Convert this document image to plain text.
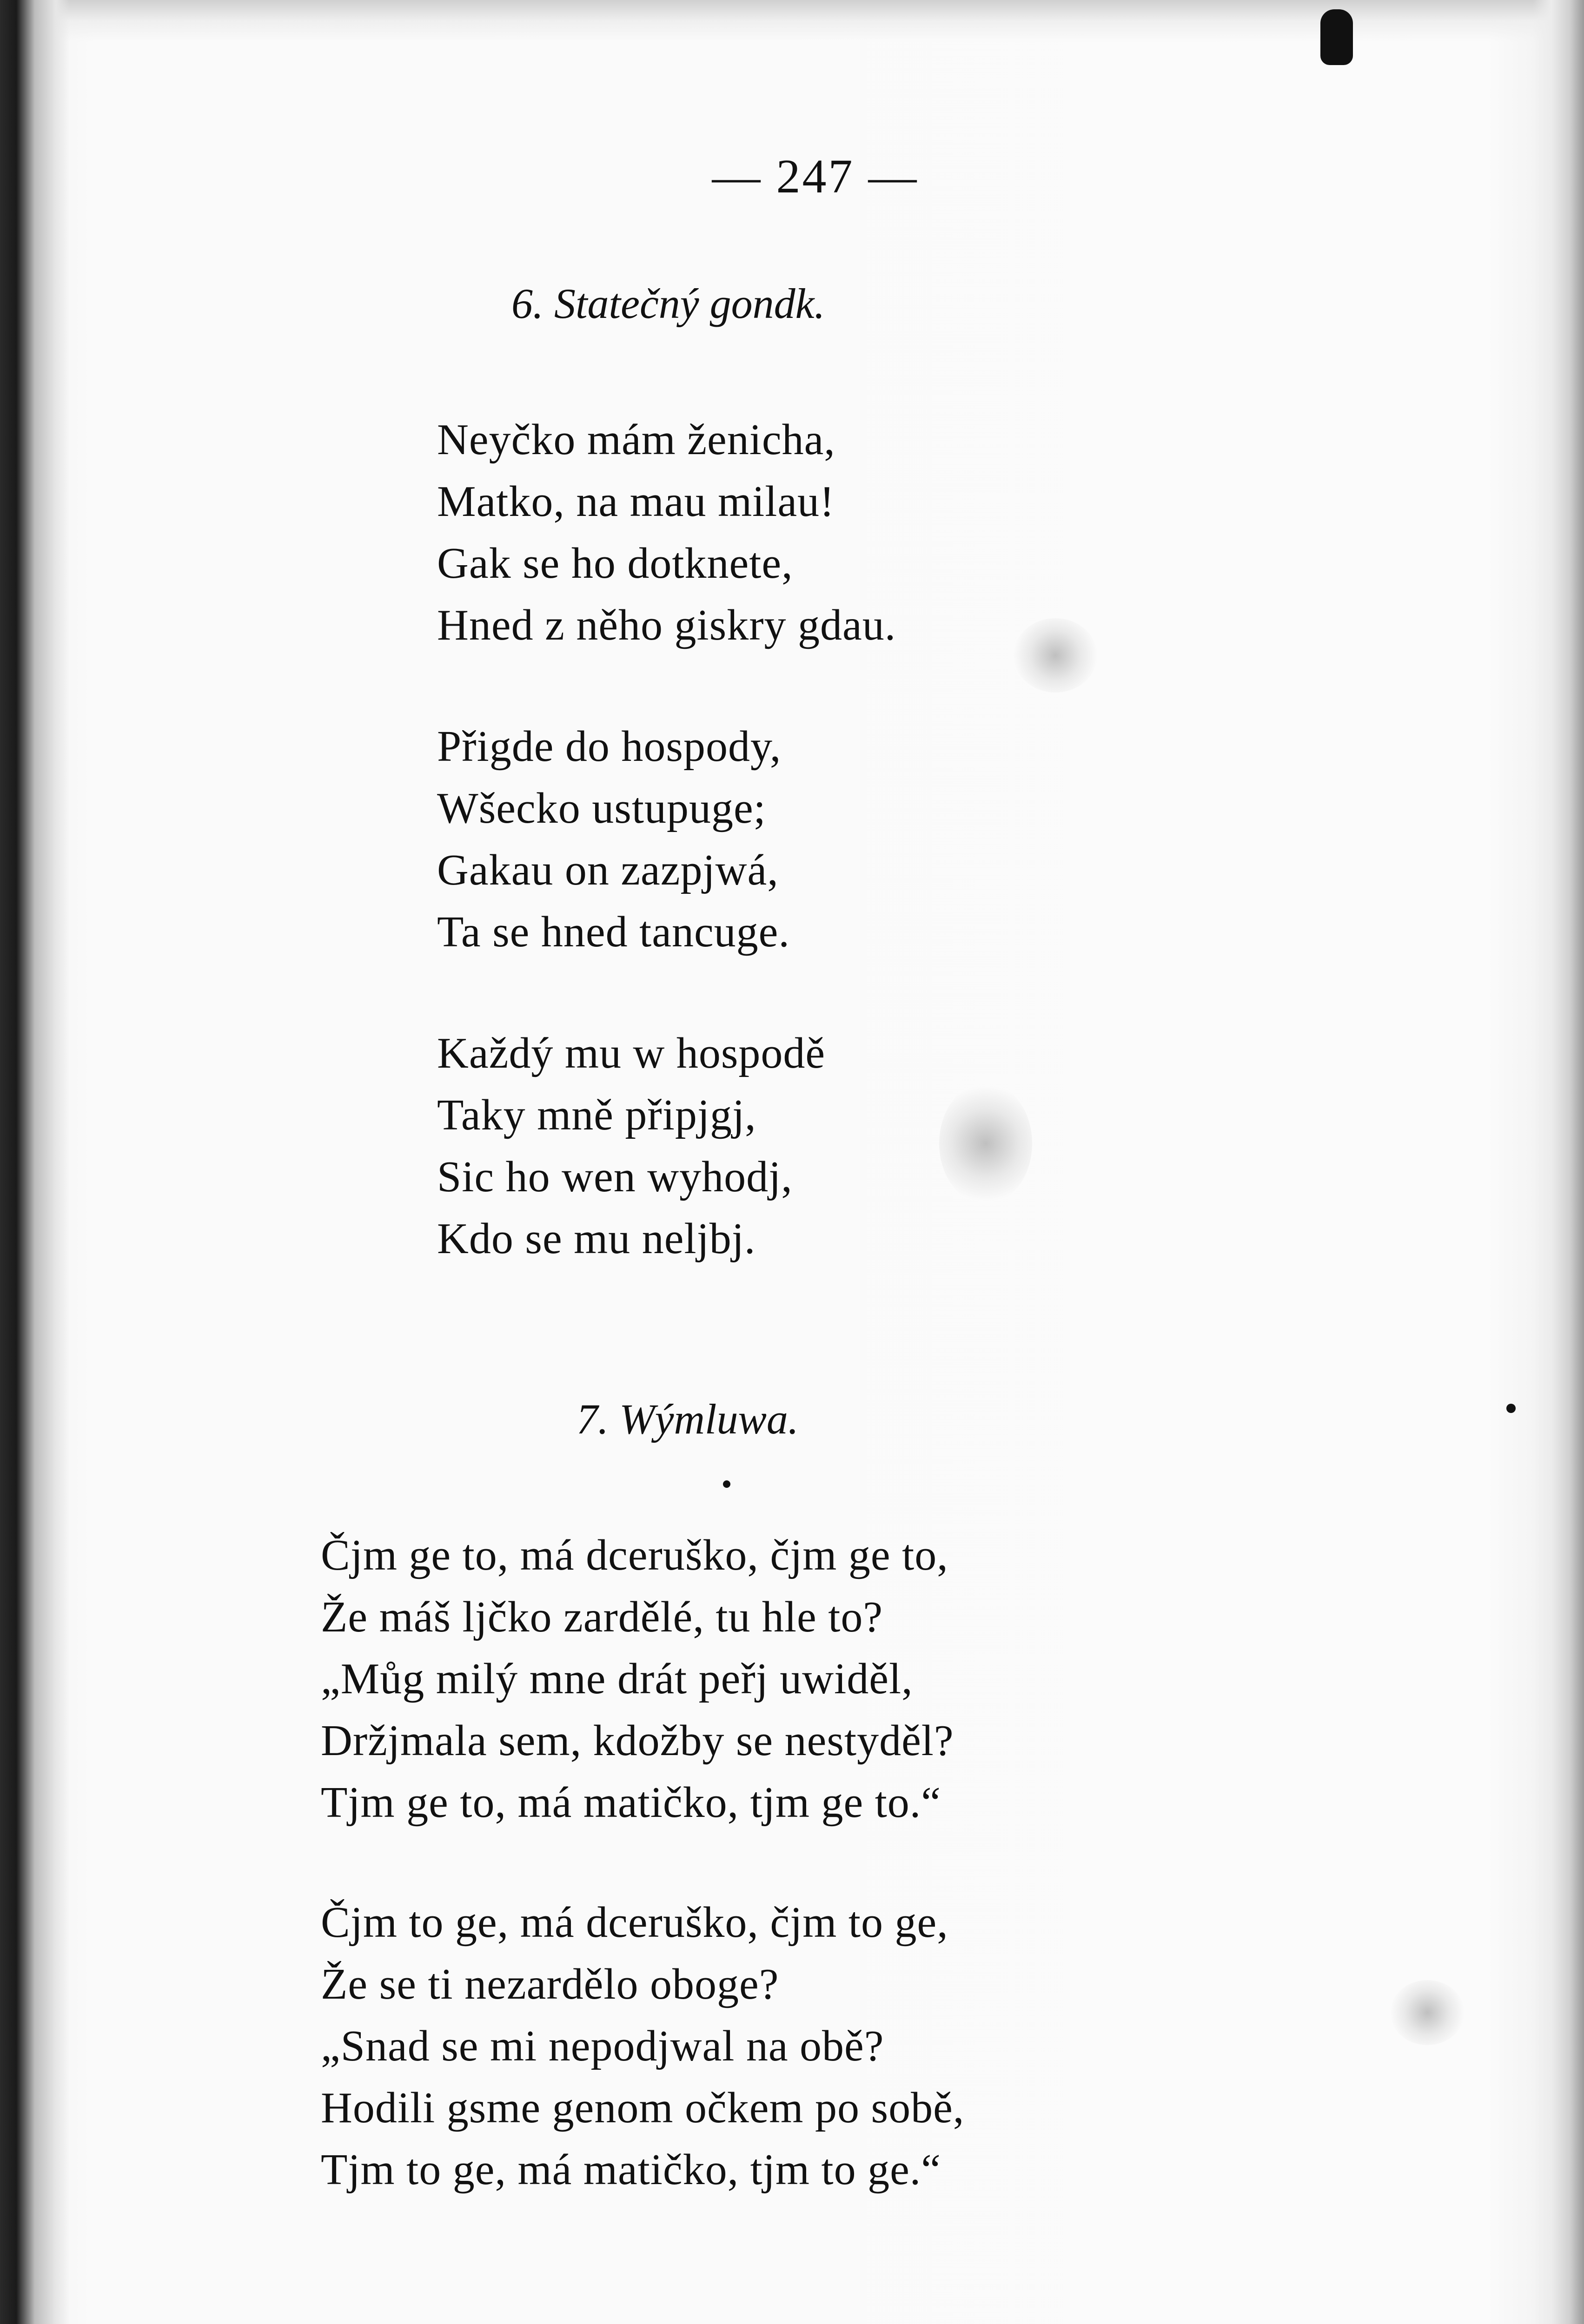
— 247 —
6. Statečný gondk.
Neyčko mám ženicha,
Matko, na mau milau!
Gak se ho dotknete,
Hned z něho giskry gdau.
Přigde do hospody,
Wšecko ustupuge;
Gakau on zazpjwá,
Ta se hned tancuge.
Každý mu w hospodě
Taky mně připjgj,
Sic ho wen wyhodj,
Kdo se mu neljbj.
7. Wýmluwa.
Čjm ge to, má dceruško, čjm ge to,
Že máš ljčko zardělé, tu hle to?
„Můg milý mne drát peřj uwiděl,
Držjmala sem, kdožby se nestyděl?
Tjm ge to, má matičko, tjm ge to.“
Čjm to ge, má dceruško, čjm to ge,
Že se ti nezardělo oboge?
„Snad se mi nepodjwal na obě?
Hodili gsme genom očkem po sobě,
Tjm to ge, má matičko, tjm to ge.“
